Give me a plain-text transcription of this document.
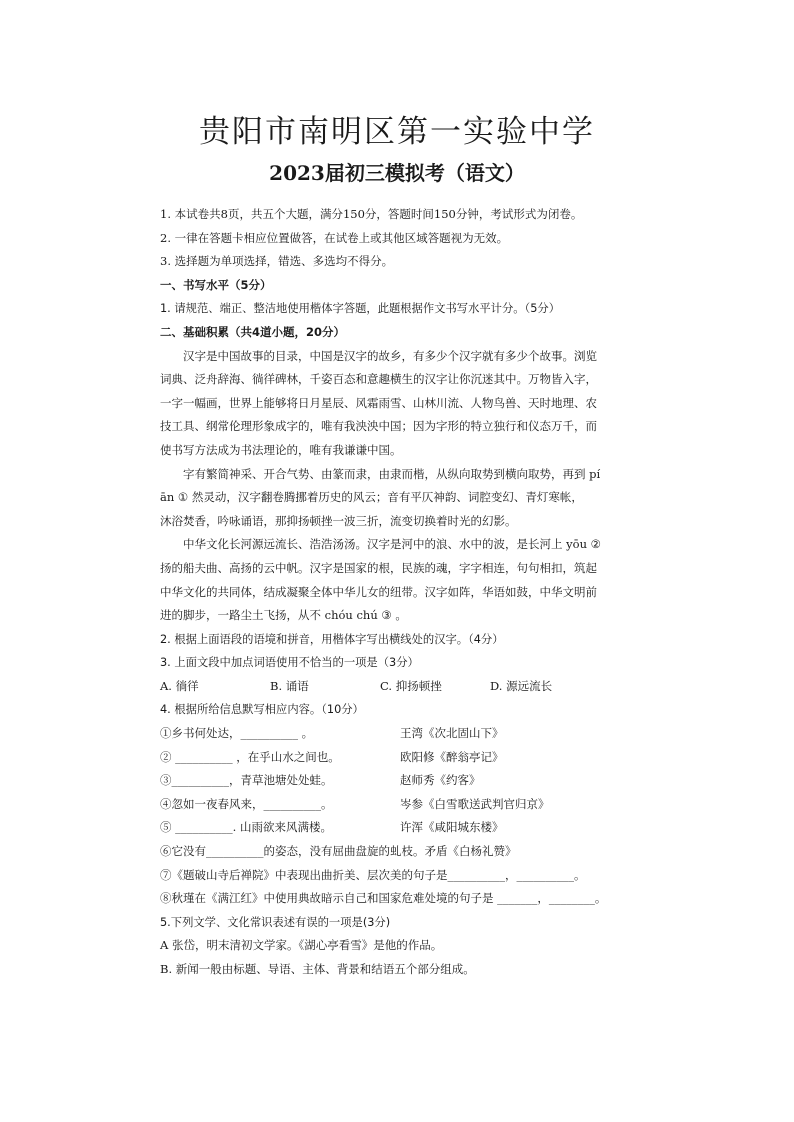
贵阳市南明区第一实验中学
2023届初三模拟考（语文）

1. 本试卷共8页，共五个大题，满分150分，答题时间150分钟，考试形式为闭卷。

2. 一律在答题卡相应位置做答，在试卷上或其他区域答题视为无效。

3. 选择题为单项选择，错选、多选均不得分。

一、书写水平（5分）

1. 请规范、端正、整洁地使用楷体字答题，此题根据作文书写水平计分。（5分）

二、基础积累（共4道小题，20分）

汉字是中国故事的目录，中国是汉字的故乡，有多少个汉字就有多少个故事。浏览

词典、泛舟辞海、徜徉碑林，千姿百态和意趣横生的汉字让你沉迷其中。万物皆入字，

一字一幅画，世界上能够将日月星辰、风霜雨雪、山林川流、人物鸟兽、天时地理、农

技工具、纲常伦理形象成字的，唯有我泱泱中国；因为字形的特立独行和仪态万千，而

使书写方法成为书法理论的，唯有我谦谦中国。

字有繁简神采、开合气势、由篆而隶，由隶而楷，从纵向取势到横向取势，再到 pí

ān ① 然灵动，汉字翻卷腾挪着历史的风云；音有平仄神韵、词腔变幻、青灯寒帐，

沐浴焚香，吟咏诵语，那抑扬顿挫一波三折，流变切换着时光的幻影。

中华文化长河源远流长、浩浩汤汤。汉字是河中的浪、水中的波，是长河上 yōu ②

扬的船夫曲、高扬的云中帆。汉字是国家的根，民族的魂，字字相连，句句相扣，筑起

中华文化的共同体，结成凝聚全体中华儿女的纽带。汉字如阵，华语如鼓，中华文明前

进的脚步，一路尘土飞扬，从不 chóu chú ③ 。

2. 根据上面语段的语境和拼音，用楷体字写出横线处的汉字。（4分）

3. 上面文段中加点词语使用不恰当的一项是（3分）

A. 徜徉	B. 诵语	C. 抑扬顿挫	D. 源远流长

4. 根据所给信息默写相应内容。（10分）

①乡书何处达，__________ 。	王湾《次北固山下》
② __________ ，在乎山水之间也。	欧阳修《醉翁亭记》
③__________，青草池塘处处蛙。	赵师秀《约客》
④忽如一夜春风来，__________。	岑参《白雪歌送武判官归京》
⑤ __________. 山雨欲来风满楼。	许浑《咸阳城东楼》

⑥它没有__________的姿态，没有屈曲盘旋的虬枝。矛盾《白杨礼赞》

⑦《题破山寺后禅院》中表现出曲折美、层次美的句子是__________，__________。

⑧秋瑾在《满江红》中使用典故暗示自己和国家危难处境的句子是 _______，________。

5.下列文学、文化常识表述有误的一项是(3分)

A 张岱，明末清初文学家。《湖心亭看雪》是他的作品。

B. 新闻一般由标题、导语、主体、背景和结语五个部分组成。
